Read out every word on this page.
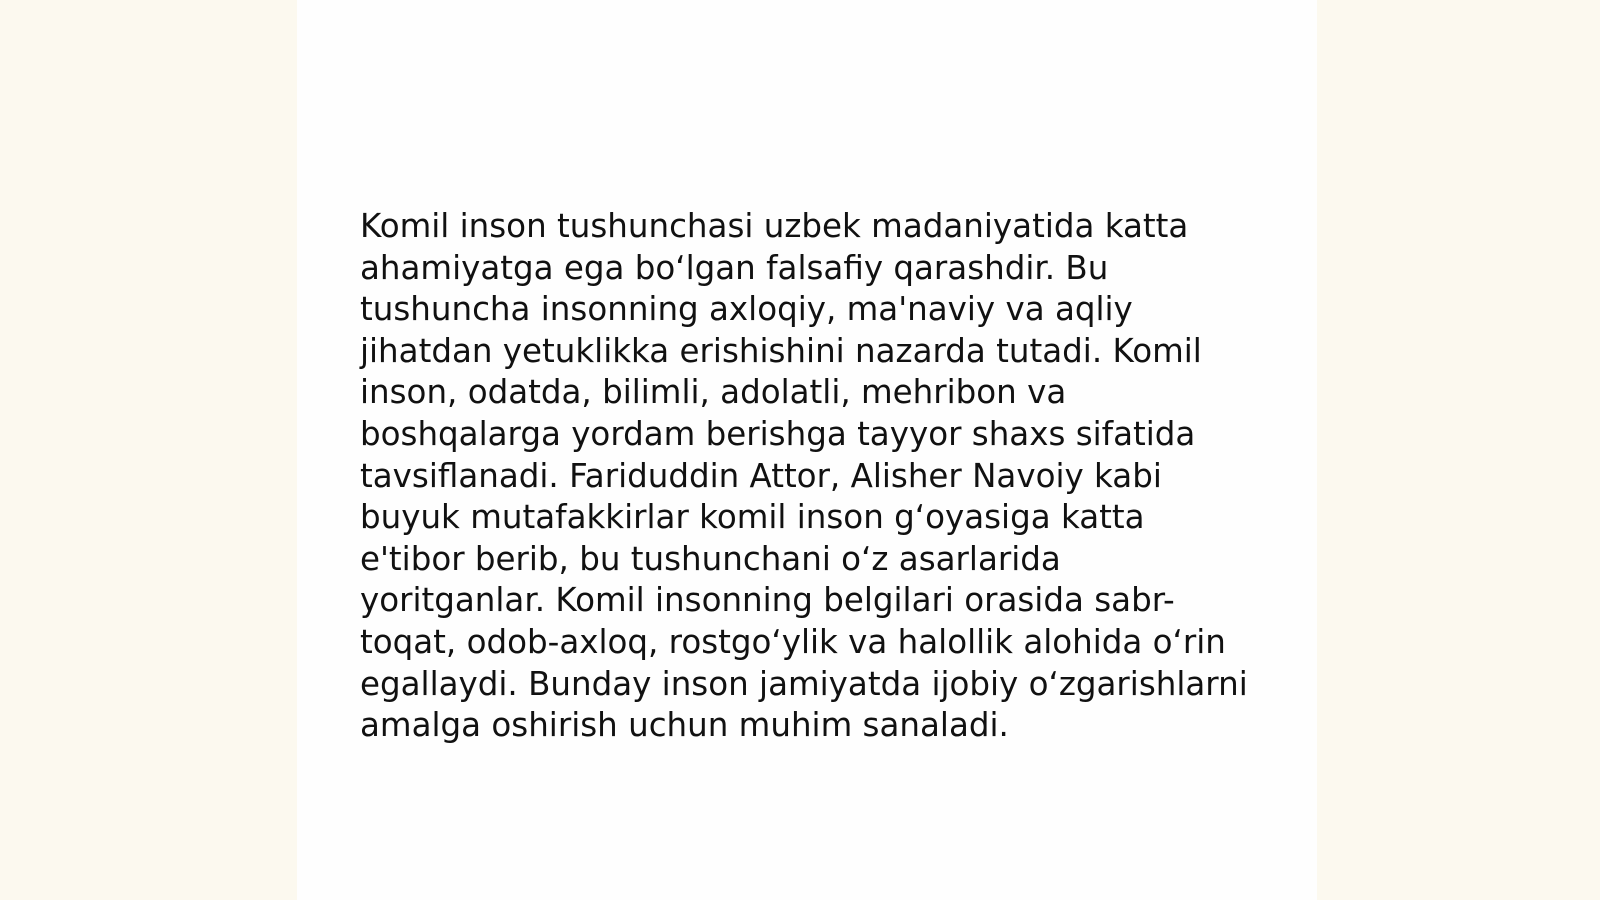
Komil inson tushunchasi uzbek madaniyatida katta
ahamiyatga ega boʻlgan falsafiy qarashdir. Bu
tushuncha insonning axloqiy, ma'naviy va aqliy
jihatdan yetuklikka erishishini nazarda tutadi. Komil
inson, odatda, bilimli, adolatli, mehribon va
boshqalarga yordam berishga tayyor shaxs sifatida
tavsiflanadi. Fariduddin Attor, Alisher Navoiy kabi
buyuk mutafakkirlar komil inson gʻoyasiga katta
e'tibor berib, bu tushunchani oʻz asarlarida
yoritganlar. Komil insonning belgilari orasida sabr-
toqat, odob-axloq, rostgoʻylik va halollik alohida oʻrin
egallaydi. Bunday inson jamiyatda ijobiy oʻzgarishlarni
amalga oshirish uchun muhim sanaladi.
